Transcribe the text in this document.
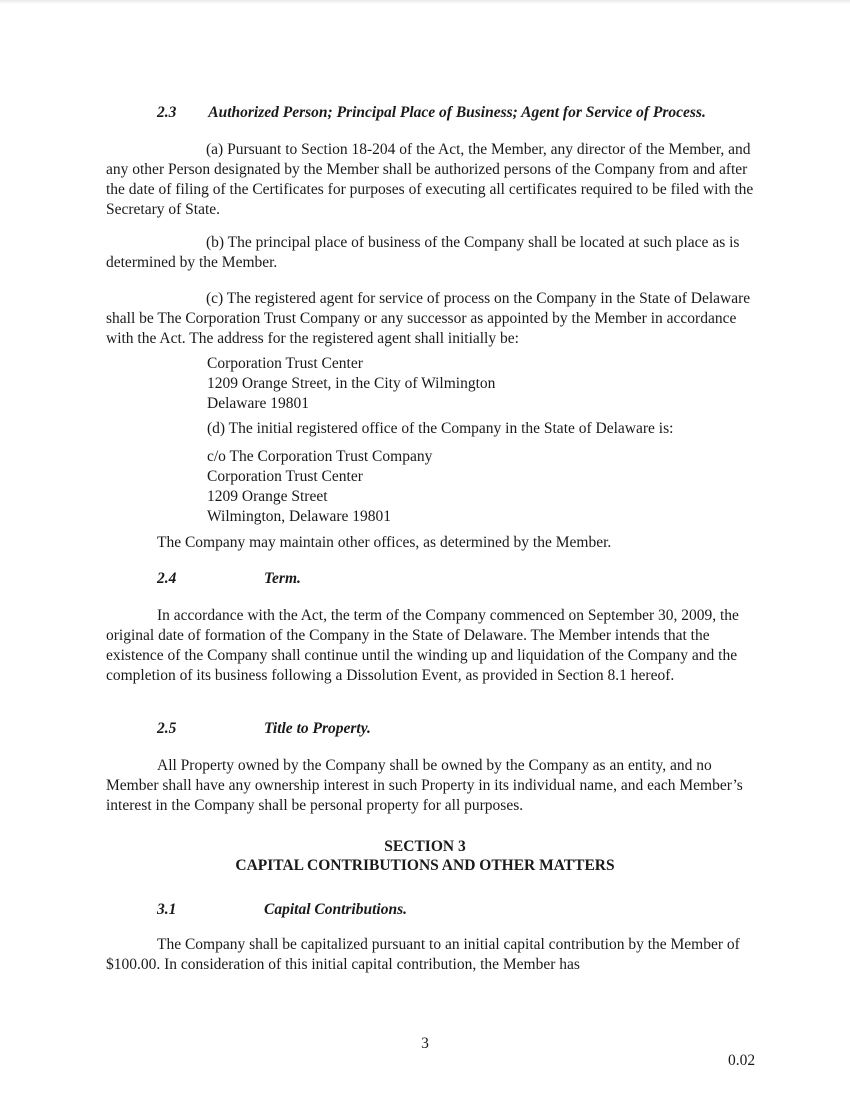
2.3 Authorized Person; Principal Place of Business; Agent for Service of Process.
(a) Pursuant to Section 18-204 of the Act, the Member, any director of the Member, and any other Person designated by the Member shall be authorized persons of the Company from and after the date of filing of the Certificates for purposes of executing all certificates required to be filed with the Secretary of State.
(b) The principal place of business of the Company shall be located at such place as is determined by the Member.
(c) The registered agent for service of process on the Company in the State of Delaware shall be The Corporation Trust Company or any successor as appointed by the Member in accordance with the Act. The address for the registered agent shall initially be:
Corporation Trust Center
1209 Orange Street, in the City of Wilmington
Delaware 19801
(d) The initial registered office of the Company in the State of Delaware is:
c/o The Corporation Trust Company
Corporation Trust Center
1209 Orange Street
Wilmington, Delaware 19801
The Company may maintain other offices, as determined by the Member.
2.4	Term.
In accordance with the Act, the term of the Company commenced on September 30, 2009, the original date of formation of the Company in the State of Delaware. The Member intends that the existence of the Company shall continue until the winding up and liquidation of the Company and the completion of its business following a Dissolution Event, as provided in Section 8.1 hereof.
2.5	Title to Property.
All Property owned by the Company shall be owned by the Company as an entity, and no Member shall have any ownership interest in such Property in its individual name, and each Member’s interest in the Company shall be personal property for all purposes.
SECTION 3
CAPITAL CONTRIBUTIONS AND OTHER MATTERS
3.1	Capital Contributions.
The Company shall be capitalized pursuant to an initial capital contribution by the Member of $100.00. In consideration of this initial capital contribution, the Member has
3
0.02
